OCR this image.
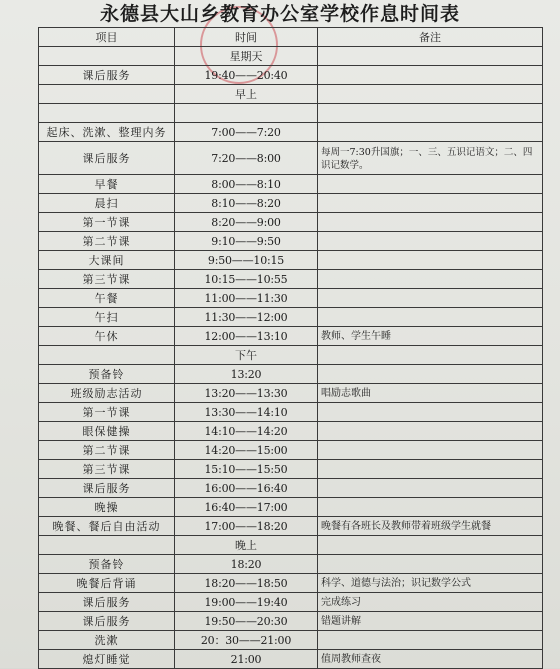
永德县大山乡教育办公室学校作息时间表
项目	时间	备注
	星期天	
课后服务	19:40——20:40	
	早上	

起床、洗漱、整理内务	7:00——7:20	
课后服务	7:20——8:00	每周一7:30升国旗；一、三、五识记语文；二、四识记数学。
早餐	8:00——8:10	
晨扫	8:10——8:20	
第一节课	8:20——9:00	
第二节课	9:10——9:50	
大课间	9:50——10:15	
第三节课	10:15——10:55	
午餐	11:00——11:30	
午扫	11:30——12:00	
午休	12:00——13:10	教师、学生午睡
	下午	
预备铃	13:20	
班级励志活动	13:20——13:30	唱励志歌曲
第一节课	13:30——14:10	
眼保健操	14:10——14:20	
第二节课	14:20——15:00	
第三节课	15:10——15:50	
课后服务	16:00——16:40	
晚操	16:40——17:00	
晚餐、餐后自由活动	17:00——18:20	晚餐有各班长及教师带着班级学生就餐
	晚上	
预备铃	18:20	
晚餐后背诵	18:20——18:50	科学、道德与法治；识记数学公式
课后服务	19:00——19:40	完成练习
课后服务	19:50——20:30	错题讲解
洗漱	20：30——21:00	
熄灯睡觉	21:00	值周教师查夜
